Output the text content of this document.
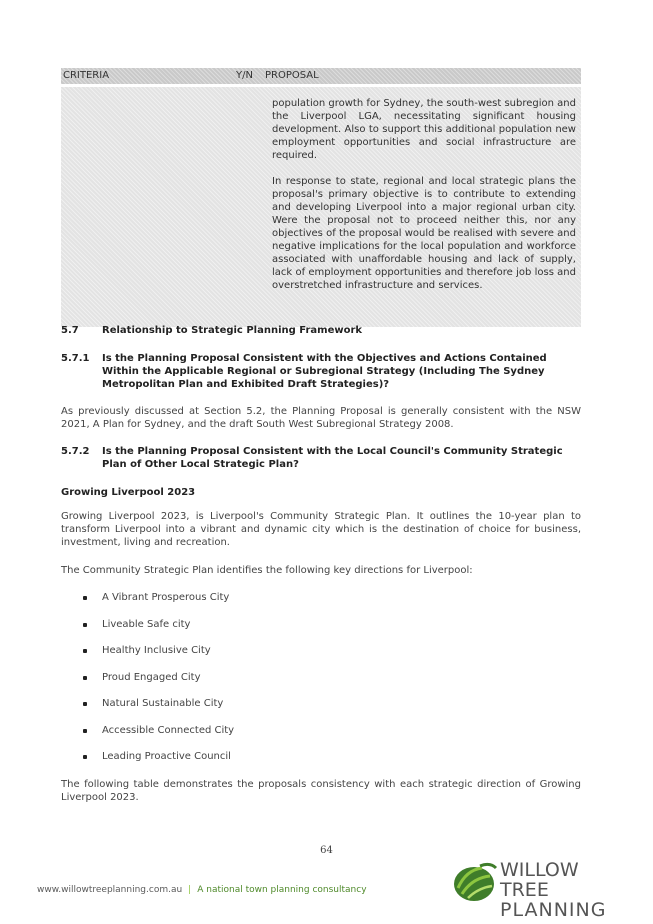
CRITERIA	Y/N PROPOSAL

population growth for Sydney, the south-west subregion and the Liverpool LGA, necessitating significant housing development. Also to support this additional population new employment opportunities and social infrastructure are required.

In response to state, regional and local strategic plans the proposal's primary objective is to contribute to extending and developing Liverpool into a major regional urban city. Were the proposal not to proceed neither this, nor any objectives of the proposal would be realised with severe and negative implications for the local population and workforce associated with unaffordable housing and lack of supply, lack of employment opportunities and therefore job loss and overstretched infrastructure and services.

5.7 Relationship to Strategic Planning Framework
5.7.1 Is the Planning Proposal Consistent with the Objectives and Actions Contained Within the Applicable Regional or Subregional Strategy (Including The Sydney Metropolitan Plan and Exhibited Draft Strategies)?

As previously discussed at Section 5.2, the Planning Proposal is generally consistent with the NSW 2021, A Plan for Sydney, and the draft South West Subregional Strategy 2008.

5.7.2 Is the Planning Proposal Consistent with the Local Council's Community Strategic Plan of Other Local Strategic Plan?
Growing Liverpool 2023

Growing Liverpool 2023, is Liverpool's Community Strategic Plan. It outlines the 10-year plan to transform Liverpool into a vibrant and dynamic city which is the destination of choice for business, investment, living and recreation.

The Community Strategic Plan identifies the following key directions for Liverpool:

A Vibrant Prosperous City
Liveable Safe city
Healthy Inclusive City
Proud Engaged City
Natural Sustainable City
Accessible Connected City
Leading Proactive Council

The following table demonstrates the proposals consistency with each strategic direction of Growing Liverpool 2023.

64
www.willowtreeplanning.com.au | A national town planning consultancy
WILLOW TREE
PLANNING
